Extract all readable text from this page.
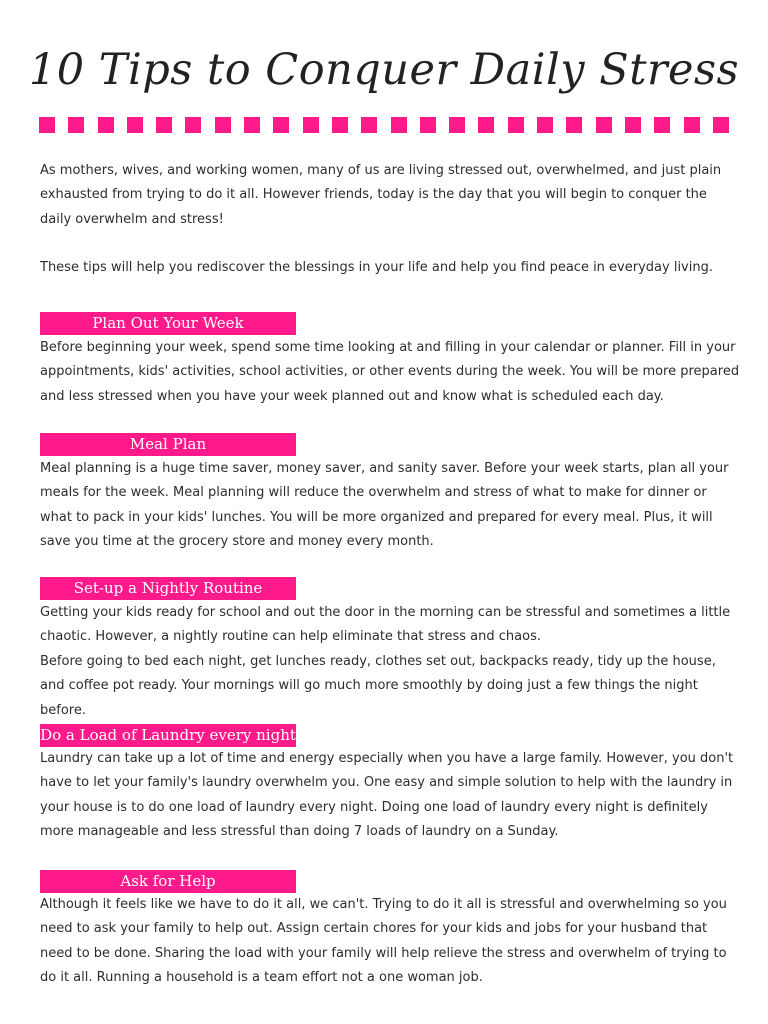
10 Tips to Conquer Daily Stress

As mothers, wives, and working women, many of us are living stressed out, overwhelmed, and just plain exhausted from trying to do it all. However friends, today is the day that you will begin to conquer the daily overwhelm and stress!

These tips will help you rediscover the blessings in your life and help you find peace in everyday living.

Plan Out Your Week

Before beginning your week, spend some time looking at and filling in your calendar or planner. Fill in your appointments, kids' activities, school activities, or other events during the week. You will be more prepared and less stressed when you have your week planned out and know what is scheduled each day.

Meal Plan

Meal planning is a huge time saver, money saver, and sanity saver. Before your week starts, plan all your meals for the week. Meal planning will reduce the overwhelm and stress of what to make for dinner or what to pack in your kids' lunches. You will be more organized and prepared for every meal. Plus, it will save you time at the grocery store and money every month.

Set-up a Nightly Routine

Getting your kids ready for school and out the door in the morning can be stressful and sometimes a little chaotic. However, a nightly routine can help eliminate that stress and chaos.

Before going to bed each night, get lunches ready, clothes set out, backpacks ready, tidy up the house, and coffee pot ready. Your mornings will go much more smoothly by doing just a few things the night before.

Do a Load of Laundry every night

Laundry can take up a lot of time and energy especially when you have a large family. However, you don't have to let your family's laundry overwhelm you. One easy and simple solution to help with the laundry in your house is to do one load of laundry every night. Doing one load of laundry every night is definitely more manageable and less stressful than doing 7 loads of laundry on a Sunday.

Ask for Help

Although it feels like we have to do it all, we can't. Trying to do it all is stressful and overwhelming so you need to ask your family to help out. Assign certain chores for your kids and jobs for your husband that need to be done. Sharing the load with your family will help relieve the stress and overwhelm of trying to do it all. Running a household is a team effort not a one woman job.
